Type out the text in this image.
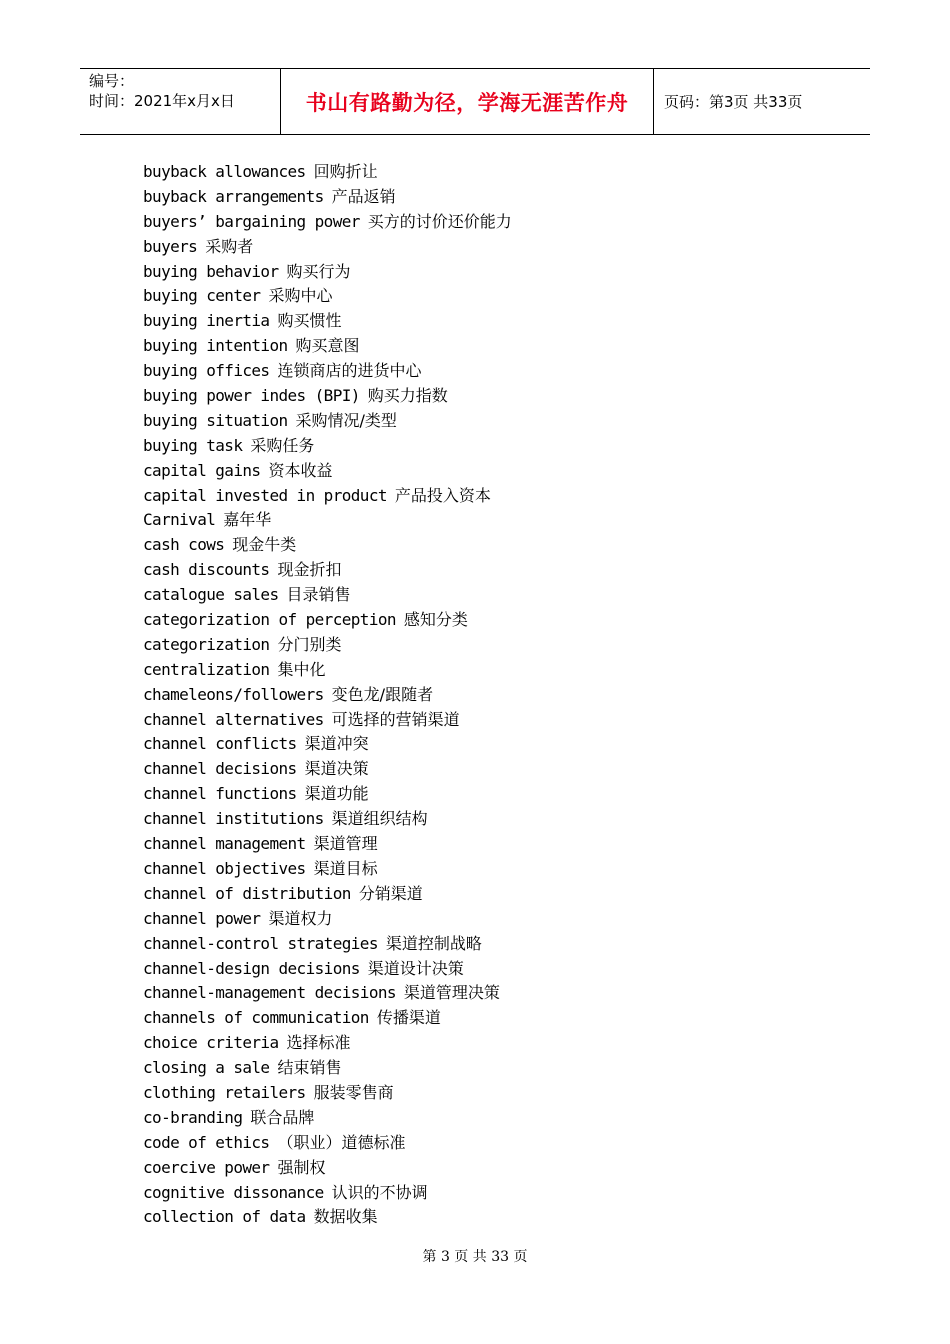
编号：
时间：2021年x月x日	书山有路勤为径，学海无涯苦作舟 页码：第3页 共33页
buyback allowances 回购折让
buyback arrangements 产品返销
buyers’ bargaining power 买方的讨价还价能力
buyers 采购者
buying behavior 购买行为
buying center 采购中心
buying inertia 购买惯性
buying intention 购买意图
buying offices 连锁商店的进货中心
buying power indes (BPI) 购买力指数
buying situation 采购情况/类型
buying task 采购任务
capital gains 资本收益
capital invested in product 产品投入资本
Carnival 嘉年华
cash cows 现金牛类
cash discounts 现金折扣
catalogue sales 目录销售
categorization of perception 感知分类
categorization 分门别类
centralization 集中化
chameleons/followers 变色龙/跟随者
channel alternatives 可选择的营销渠道
channel conflicts 渠道冲突
channel decisions 渠道决策
channel functions 渠道功能
channel institutions 渠道组织结构
channel management 渠道管理
channel objectives 渠道目标
channel of distribution 分销渠道
channel power 渠道权力
channel-control strategies 渠道控制战略
channel-design decisions 渠道设计决策
channel-management decisions 渠道管理决策
channels of communication 传播渠道
choice criteria 选择标准
closing a sale 结束销售
clothing retailers 服装零售商
co-branding 联合品牌
code of ethics （职业）道德标准
coercive power 强制权
cognitive dissonance 认识的不协调
collection of data 数据收集
第 3 页 共 33 页
